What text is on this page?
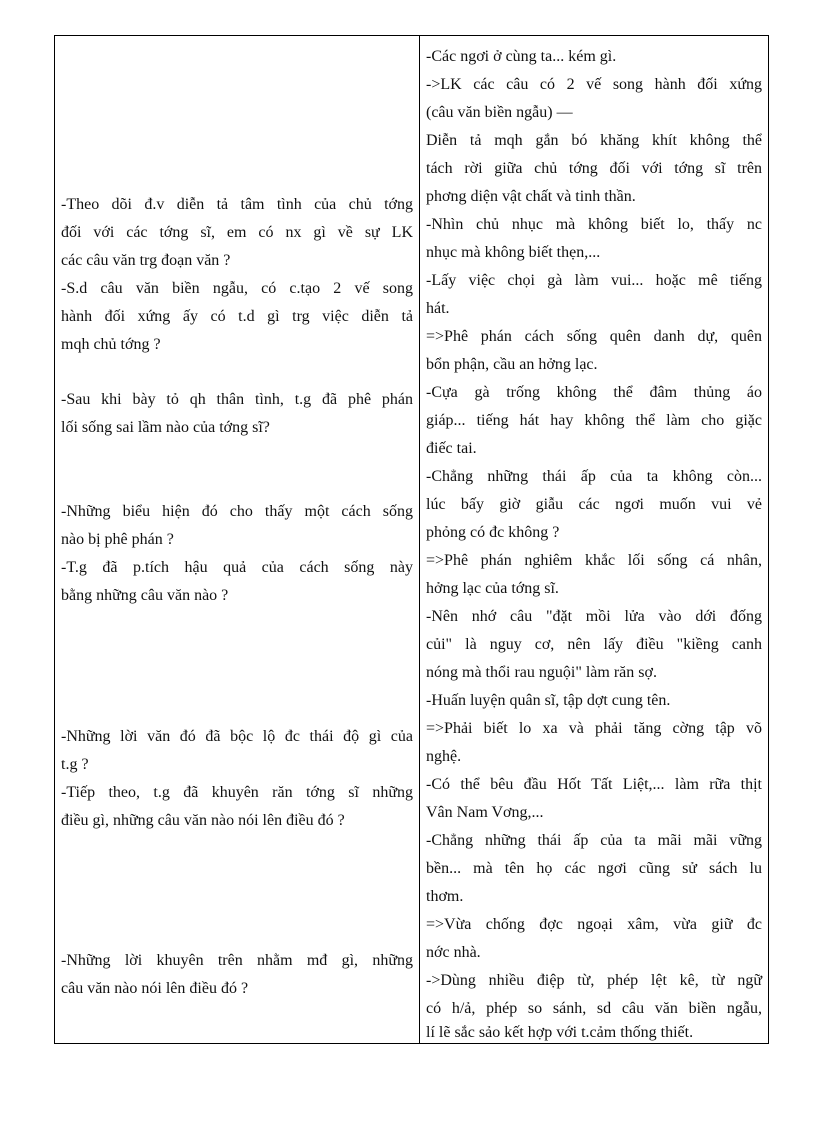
-Theo dõi đ.v diễn tả tâm tình của chủ tớng
đối với các tớng sĩ, em có nx gì về sự LK
các câu văn trg đoạn văn ?
-S.d câu văn biền ngẫu, có c.tạo 2 vế song
hành đối xứng ấy có t.d gì trg việc diễn tả
mqh chủ tớng ?
-Sau khi bày tỏ qh thân tình, t.g đã phê phán
lối sống sai lầm nào của tớng sĩ?
-Những biểu hiện đó cho thấy một cách sống
nào bị phê phán ?
-T.g đã p.tích hậu quả của cách sống này
bằng những câu văn nào ?
-Những lời văn đó đã bộc lộ đc thái độ gì của
t.g ?
-Tiếp theo, t.g đã khuyên răn tớng sĩ những
điều gì, những câu văn nào nói lên điều đó ?
-Những lời khuyên trên nhằm mđ gì, những
câu văn nào nói lên điều đó ?
-Các ngơi ở cùng ta... kém gì.
->LK các câu có 2 vế song hành đối xứng
(câu văn biền ngẫu) —
Diễn tả mqh gắn bó khăng khít không thể
tách rời giữa chủ tớng đối với tớng sĩ trên
phơng diện vật chất và tinh thần.
-Nhìn chủ nhục mà không biết lo, thấy nc
nhục mà không biết thẹn,...
-Lấy việc chọi gà làm vui... hoặc mê tiếng
hát.
=>Phê phán cách sống quên danh dự, quên
bổn phận, cầu an hởng lạc.
-Cựa gà trống không thể đâm thủng áo
giáp... tiếng hát hay không thể làm cho giặc
điếc tai.
-Chẳng những thái ấp của ta không còn...
lúc bấy giờ giẫu các ngơi muốn vui vẻ
phỏng có đc không ?
=>Phê phán nghiêm khắc lối sống cá nhân,
hởng lạc của tớng sĩ.
-Nên nhớ câu "đặt mồi lửa vào dới đống
củi" là nguy cơ, nên lấy điều "kiềng canh
nóng mà thổi rau nguội" làm răn sợ.
-Huấn luyện quân sĩ, tập dợt cung tên.
=>Phải biết lo xa và phải tăng cờng tập võ
nghệ.
-Có thể bêu đầu Hốt Tất Liệt,... làm rữa thịt
Vân Nam Vơng,...
-Chẳng những thái ấp của ta mãi mãi vững
bền... mà tên họ các ngơi cũng sử sách lu
thơm.
=>Vừa chống đợc ngoại xâm, vừa giữ đc
nớc nhà.
->Dùng nhiều điệp từ, phép lệt kê, từ ngữ
có h/ả, phép so sánh, sd câu văn biền ngẫu,
lí lẽ sắc sảo kết hợp với t.cảm thống thiết.
